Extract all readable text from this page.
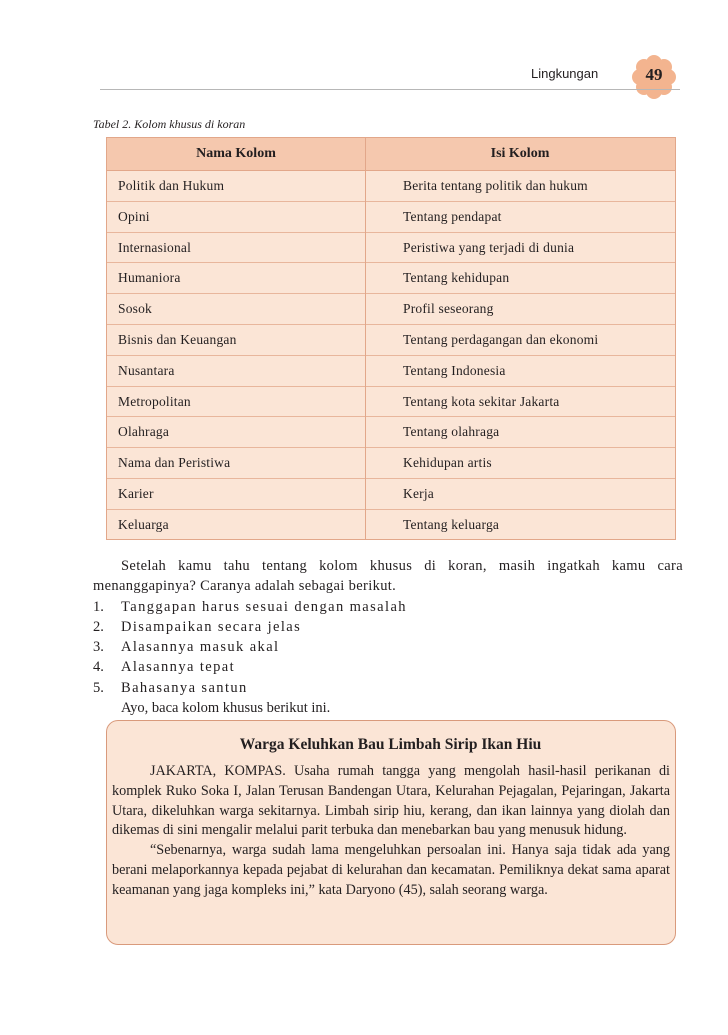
Lingkungan	49
Tabel 2. Kolom khusus di koran
Nama Kolom	Isi Kolom
Politik dan Hukum	Berita tentang politik dan hukum
Opini	Tentang pendapat
Internasional	Peristiwa yang terjadi di dunia
Humaniora	Tentang kehidupan
Sosok	Profil seseorang
Bisnis dan Keuangan	Tentang perdagangan dan ekonomi
Nusantara	Tentang Indonesia
Metropolitan	Tentang kota sekitar Jakarta
Olahraga	Tentang olahraga
Nama dan Peristiwa	Kehidupan artis
Karier	Kerja
Keluarga	Tentang keluarga

Setelah kamu tahu tentang kolom khusus di koran, masih ingatkah kamu cara menanggapinya? Caranya adalah sebagai berikut.

1. Tanggapan harus sesuai dengan masalah
2. Disampaikan secara jelas
3. Alasannya masuk akal
4. Alasannya tepat
5. Bahasanya santun

Ayo, baca kolom khusus berikut ini.

Warga Keluhkan Bau Limbah Sirip Ikan Hiu

JAKARTA, KOMPAS. Usaha rumah tangga yang mengolah hasil-hasil perikanan di komplek Ruko Soka I, Jalan Terusan Bandengan Utara, Kelurahan Pejagalan, Pejaringan, Jakarta Utara, dikeluhkan warga sekitarnya. Limbah sirip hiu, kerang, dan ikan lainnya yang diolah dan dikemas di sini mengalir melalui parit terbuka dan menebarkan bau yang menusuk hidung.

“Sebenarnya, warga sudah lama mengeluhkan persoalan ini. Hanya saja tidak ada yang berani melaporkannya kepada pejabat di kelurahan dan kecamatan. Pemiliknya dekat sama aparat keamanan yang jaga kompleks ini,” kata Daryono (45), salah seorang warga.
